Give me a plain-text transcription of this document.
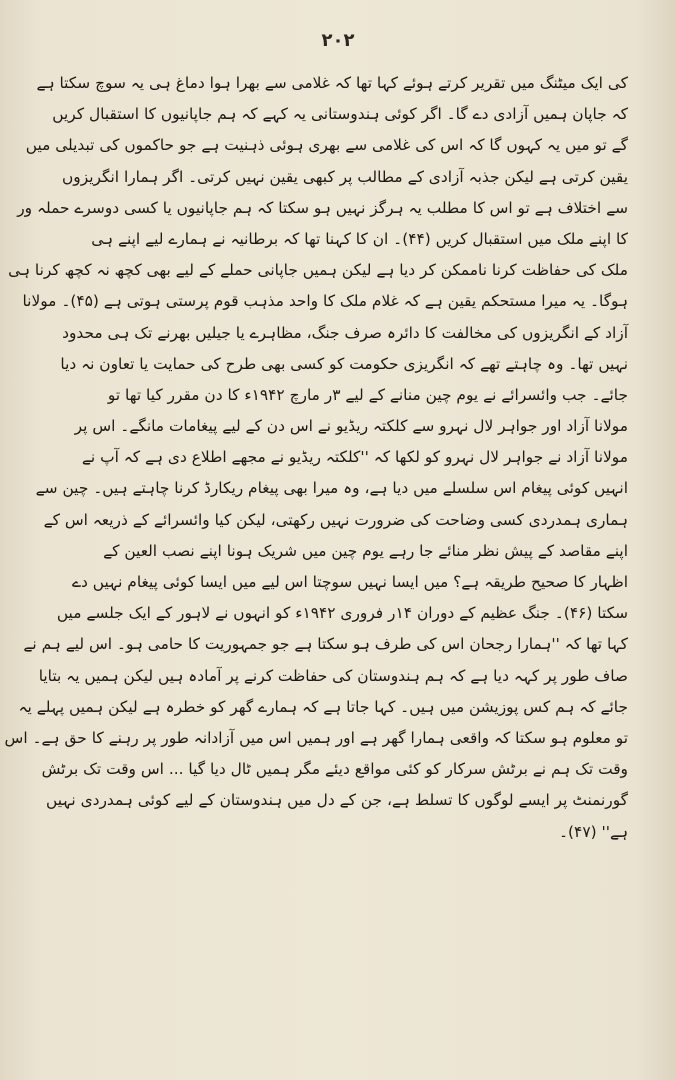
۲۰۲
کی ایک میٹنگ میں تقریر کرتے ہوئے کہا تھا کہ غلامی سے بھرا ہوا دماغ ہی یہ سوچ سکتا ہے
کہ جاپان ہمیں آزادی دے گا۔ اگر کوئی ہندوستانی یہ کہے کہ ہم جاپانیوں کا استقبال کریں
گے تو میں یہ کہوں گا کہ اس کی غلامی سے بھری ہوئی ذہنیت ہے جو حاکموں کی تبدیلی میں
یقین کرتی ہے لیکن جذبہ آزادی کے مطالب پر کبھی یقین نہیں کرتی۔ اگر ہمارا انگریزوں
سے اختلاف ہے تو اس کا مطلب یہ ہرگز نہیں ہو سکتا کہ ہم جاپانیوں یا کسی دوسرے حملہ ور
کا اپنے ملک میں استقبال کریں (۴۴)۔ ان کا کہنا تھا کہ برطانیہ نے ہمارے لیے اپنے ہی
ملک کی حفاظت کرنا ناممکن کر دیا ہے لیکن ہمیں جاپانی حملے کے لیے بھی کچھ نہ کچھ کرنا ہی
ہوگا۔ یہ میرا مستحکم یقین ہے کہ غلام ملک کا واحد مذہب قوم پرستی ہوتی ہے (۴۵)۔ مولانا
آزاد کے انگریزوں کی مخالفت کا دائرہ صرف جنگ، مظاہرے یا جیلیں بھرنے تک ہی محدود
نہیں تھا۔ وہ چاہتے تھے کہ انگریزی حکومت کو کسی بھی طرح کی حمایت یا تعاون نہ دیا
جائے۔ جب وائسرائے نے یوم چین منانے کے لیے ۳ر مارچ ۱۹۴۲ء کا دن مقرر کیا تھا تو
مولانا آزاد اور جواہر لال نہرو سے کلکتہ ریڈیو نے اس دن کے لیے پیغامات مانگے۔ اس پر
مولانا آزاد نے جواہر لال نہرو کو لکھا کہ ''کلکتہ ریڈیو نے مجھے اطلاع دی ہے کہ آپ نے
انہیں کوئی پیغام اس سلسلے میں دیا ہے، وہ میرا بھی پیغام ریکارڈ کرنا چاہتے ہیں۔ چین سے
ہماری ہمدردی کسی وضاحت کی ضرورت نہیں رکھتی، لیکن کیا وائسرائے کے ذریعہ اس کے
اپنے مقاصد کے پیش نظر منائے جا رہے یوم چین میں شریک ہونا اپنے نصب العین کے
اظہار کا صحیح طریقہ ہے؟ میں ایسا نہیں سوچتا اس لیے میں ایسا کوئی پیغام نہیں دے
سکتا (۴۶)۔ جنگ عظیم کے دوران ۱۴ر فروری ۱۹۴۲ء کو انہوں نے لاہور کے ایک جلسے میں
کہا تھا کہ ''ہمارا رجحان اس کی طرف ہو سکتا ہے جو جمہوریت کا حامی ہو۔ اس لیے ہم نے
صاف طور پر کہہ دیا ہے کہ ہم ہندوستان کی حفاظت کرنے پر آمادہ ہیں لیکن ہمیں یہ بتایا
جائے کہ ہم کس پوزیشن میں ہیں۔ کہا جاتا ہے کہ ہمارے گھر کو خطرہ ہے لیکن ہمیں پہلے یہ
تو معلوم ہو سکتا کہ واقعی ہمارا گھر ہے اور ہمیں اس میں آزادانہ طور پر رہنے کا حق ہے۔ اس
وقت تک ہم نے برٹش سرکار کو کئی مواقع دیئے مگر ہمیں ٹال دیا گیا ... اس وقت تک برٹش
گورنمنٹ پر ایسے لوگوں کا تسلط ہے، جن کے دل میں ہندوستان کے لیے کوئی ہمدردی نہیں
ہے'' (۴۷)۔
